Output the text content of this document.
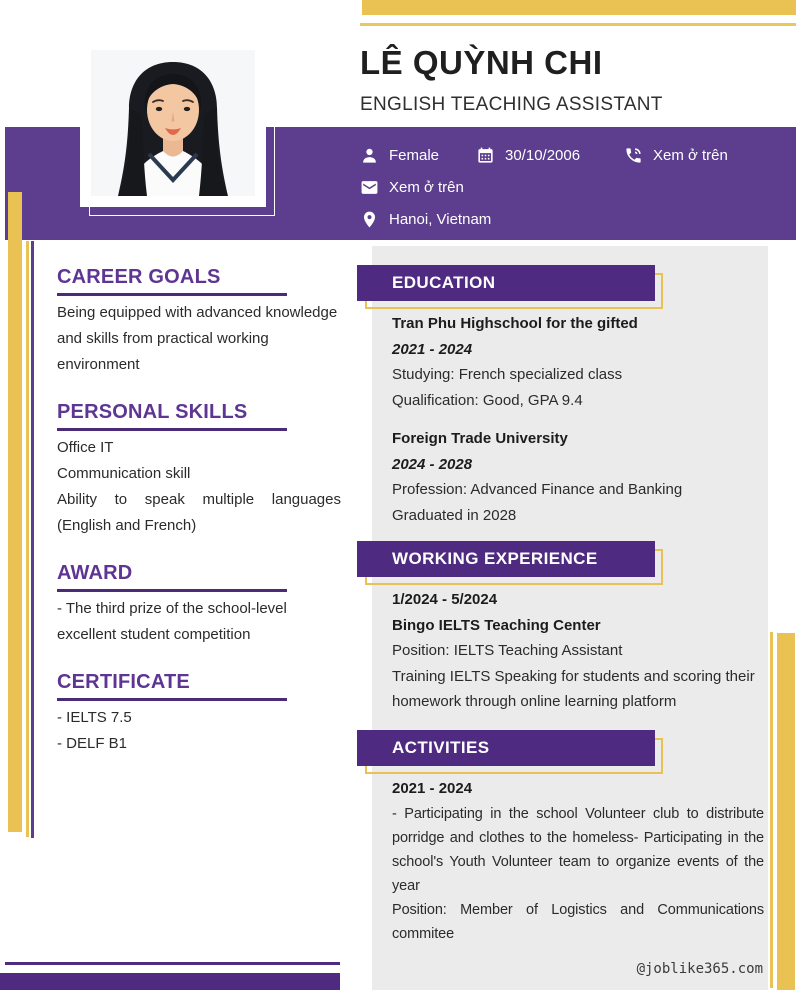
LÊ QUỲNH CHI
ENGLISH TEACHING ASSISTANT
Female	30/10/2006	Xem ở trên
Xem ở trên
Hanoi, Vietnam
CAREER GOALS
Being equipped with advanced knowledge and skills from practical working environment
PERSONAL SKILLS
Office IT
Communication skill
Ability to speak multiple languages (English and French)
AWARD
- The third prize of the school-level excellent student competition
CERTIFICATE
- IELTS 7.5
- DELF B1
EDUCATION
Tran Phu Highschool for the gifted
2021 - 2024
Studying: French specialized class
Qualification: Good, GPA 9.4
Foreign Trade University
2024 - 2028
Profession: Advanced Finance and Banking
Graduated in 2028
WORKING EXPERIENCE
1/2024 - 5/2024
Bingo IELTS Teaching Center
Position: IELTS Teaching Assistant
Training IELTS Speaking for students and scoring their homework through online learning platform
ACTIVITIES
2021 - 2024

- Participating in the school Volunteer club to distribute porridge and clothes to the homeless- Participating in the school's Youth Volunteer team to organize events of the year

Position: Member of Logistics and Communications commitee

@joblike365.com
